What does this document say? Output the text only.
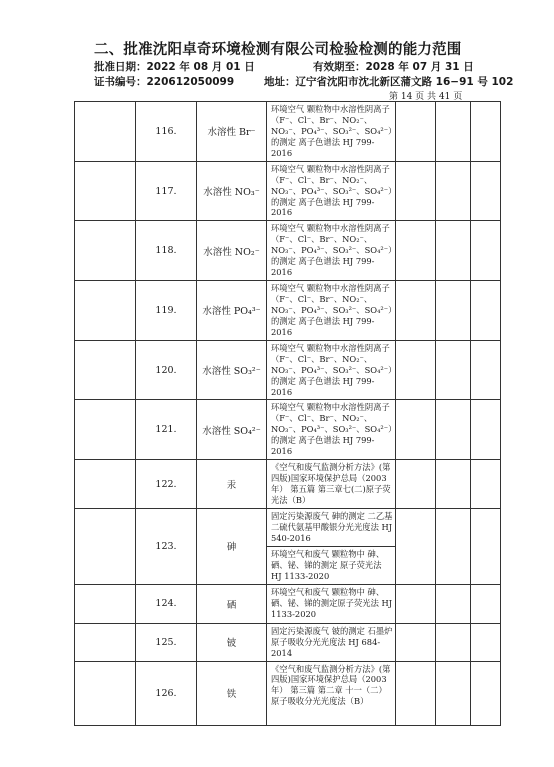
二、批准沈阳卓奇环境检测有限公司检验检测的能力范围
批准日期：2022 年 08 月 01 日	有效期至：2028 年 07 月 31 日
证书编号：220612050099	地址：辽宁省沈阳市沈北新区蒲文路 16−91 号 102
第 14 页 共 41 页
	116.	水溶性 Br⁻	环境空气 颗粒物中水溶性阴离子（F⁻、Cl⁻、Br⁻、NO₂⁻、NO₃⁻、PO₄³⁻、SO₃²⁻、SO₄²⁻）的测定 离子色谱法 HJ 799-2016			
	117.	水溶性 NO₃⁻	环境空气 颗粒物中水溶性阴离子（F⁻、Cl⁻、Br⁻、NO₂⁻、NO₃⁻、PO₄³⁻、SO₃²⁻、SO₄²⁻）的测定 离子色谱法 HJ 799-2016			
	118.	水溶性 NO₂⁻	环境空气 颗粒物中水溶性阴离子（F⁻、Cl⁻、Br⁻、NO₂⁻、NO₃⁻、PO₄³⁻、SO₃²⁻、SO₄²⁻）的测定 离子色谱法 HJ 799-2016			
	119.	水溶性 PO₄³⁻	环境空气 颗粒物中水溶性阴离子（F⁻、Cl⁻、Br⁻、NO₂⁻、NO₃⁻、PO₄³⁻、SO₃²⁻、SO₄²⁻）的测定 离子色谱法 HJ 799-2016			
	120.	水溶性 SO₃²⁻	环境空气 颗粒物中水溶性阴离子（F⁻、Cl⁻、Br⁻、NO₂⁻、NO₃⁻、PO₄³⁻、SO₃²⁻、SO₄²⁻）的测定 离子色谱法 HJ 799-2016			
	121.	水溶性 SO₄²⁻	环境空气 颗粒物中水溶性阴离子（F⁻、Cl⁻、Br⁻、NO₂⁻、NO₃⁻、PO₄³⁻、SO₃²⁻、SO₄²⁻）的测定 离子色谱法 HJ 799-2016			
	122.	汞	《空气和废气监测分析方法》(第四版)国家环境保护总局（2003 年） 第五篇 第三章七(二)原子荧光法（B）			
	123.	砷	固定污染源废气 砷的测定 二乙基二硫代氨基甲酸银分光光度法 HJ 540-2016			
			环境空气和废气 颗粒物中 砷、硒、铋、锑的测定 原子荧光法 HJ 1133-2020			
	124.	硒	环境空气和废气 颗粒物中 砷、硒、铋、锑的测定原子荧光法 HJ 1133-2020			
	125.	铍	固定污染源废气 铍的测定 石墨炉原子吸收分光光度法 HJ 684-2014			
	126.	铁	《空气和废气监测分析方法》(第四版)国家环境保护总局（2003 年） 第三篇 第二章 十一（二）原子吸收分光光度法（B）			
